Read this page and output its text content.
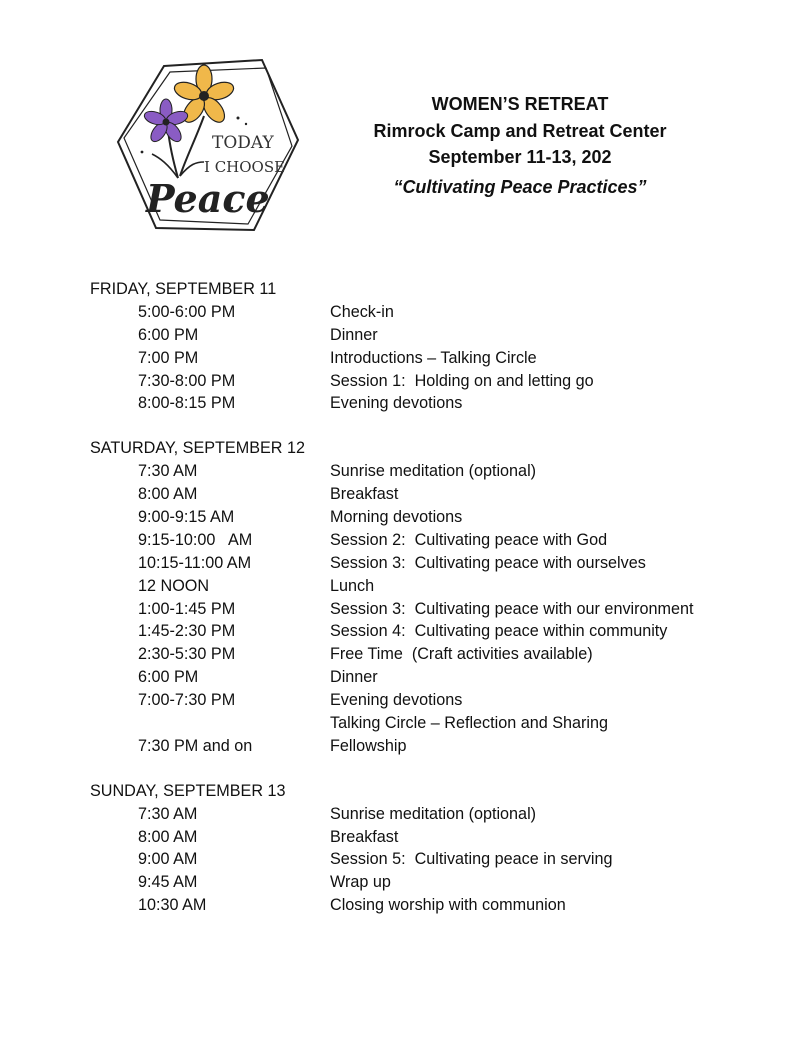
TODAY
I CHOOSE
Peace
WOMEN’S RETREAT
Rimrock Camp and Retreat Center
September 11-13, 202
“Cultivating Peace Practices”
FRIDAY, SEPTEMBER 11
5:00-6:00 PM	Check-in
6:00 PM	Dinner
7:00 PM	Introductions – Talking Circle
7:30-8:00 PM	Session 1:  Holding on and letting go
8:00-8:15 PM	Evening devotions
SATURDAY, SEPTEMBER 12
7:30 AM	Sunrise meditation (optional)
8:00 AM	Breakfast
9:00-9:15 AM	Morning devotions
9:15-10:00   AM	Session 2:  Cultivating peace with God
10:15-11:00 AM	Session 3:  Cultivating peace with ourselves
12 NOON	Lunch
1:00-1:45 PM	Session 3:  Cultivating peace with our environment
1:45-2:30 PM	Session 4:  Cultivating peace within community
2:30-5:30 PM	Free Time  (Craft activities available)
6:00 PM	Dinner
7:00-7:30 PM	Evening devotions
Talking Circle – Reflection and Sharing
7:30 PM and on	Fellowship
SUNDAY, SEPTEMBER 13
7:30 AM	Sunrise meditation (optional)
8:00 AM	Breakfast
9:00 AM	Session 5:  Cultivating peace in serving
9:45 AM	Wrap up
10:30 AM	Closing worship with communion
